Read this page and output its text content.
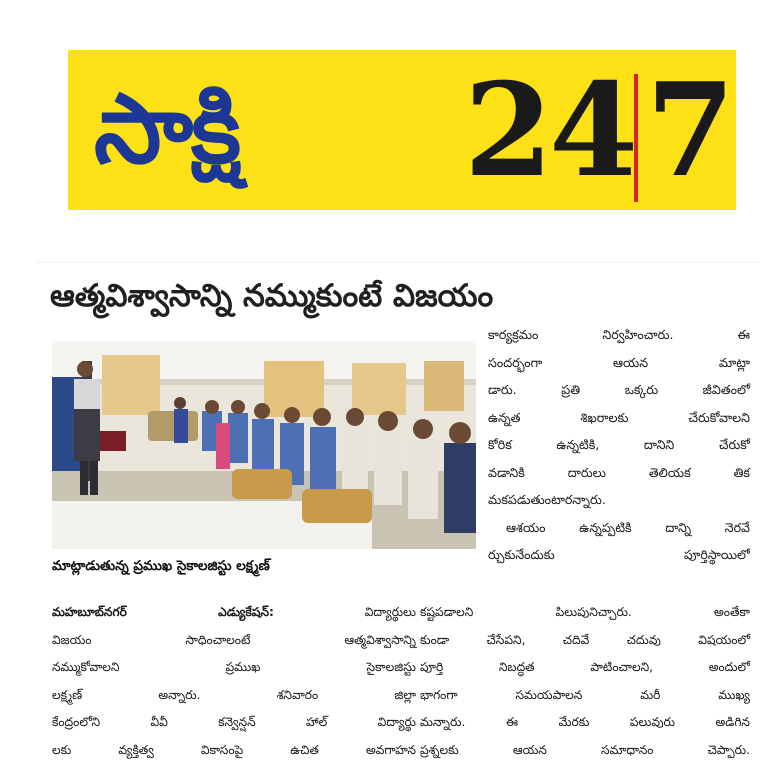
సాక్షి 24 7
ఆత్మవిశ్వాసాన్ని నమ్ముకుంటే విజయం
మాట్లాడుతున్న ప్రముఖ సైకాలజిస్టు లక్ష్మణ్
కార్యక్రమం నిర్వహించారు. ఈ
సందర్భంగా ఆయన మాట్లా
డారు. ప్రతి ఒక్కరు జీవితంలో
ఉన్నత శిఖరాలకు చేరుకోవాలని
కోరిక ఉన్నటికి, దానిని చేరుకో
వడానికి దారులు తెలియక తిక
మకపడుతుంటారన్నారు.
ఆశయం ఉన్నప్పటికి దాన్ని నెరవే
ర్చుకునేందుకు పూర్తిస్థాయిలో
మహబూబ్‌నగర్ ఎడ్యుకేషన్:	విద్యార్థులు
విజయం సాధించాలంటే ఆత్మవిశ్వాసాన్ని
నమ్ముకోవాలని ప్రముఖ సైకాలజిస్టు
లక్ష్మణ్ అన్నారు. శనివారం జిల్లా
కేంద్రంలోని వీవీ కన్వెన్షన్ హాల్ విద్యార్థు
లకు వ్యక్తిత్వ వికాసంపై ఉచిత అవగాహన
కష్టపడాలని పిలుపునిచ్చారు. అంతేకా
కుండా చేసేపని, చదివే చదువు విషయంలో
పూర్తి నిబద్ధత పాటించాలని, అందులో
భాగంగా సమయపాలన మరీ ముఖ్య
మన్నారు. ఈ మేరకు పలువురు అడిగిన
ప్రశ్నలకు ఆయన సమాధానం చెప్పారు.
